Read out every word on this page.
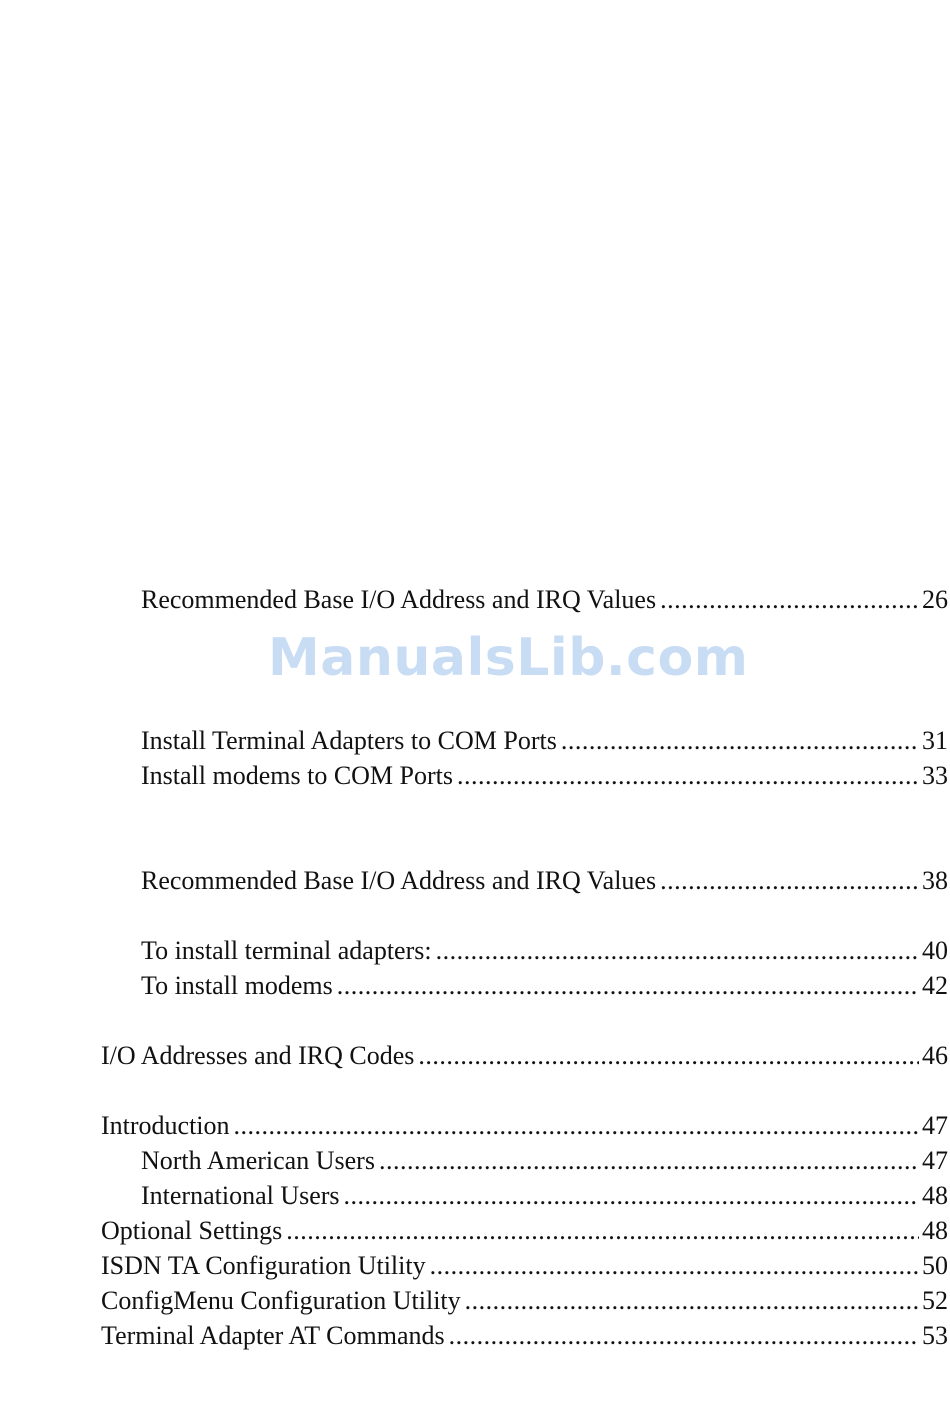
ManualsLib.com
Recommended Base I/O Address and IRQ Values .....	26
Install Terminal Adapters to COM Ports .....	31
Install modems to COM Ports .....	33
Recommended Base I/O Address and IRQ Values .....	38
To install terminal adapters: .....	40
To install modems .....	42
I/O Addresses and IRQ Codes .....	46
Introduction .....	47
North American Users .....	47
International Users .....	48
Optional Settings .....	48
ISDN TA Configuration Utility .....	50
ConfigMenu Configuration Utility .....	52
Terminal Adapter AT Commands .....	53
